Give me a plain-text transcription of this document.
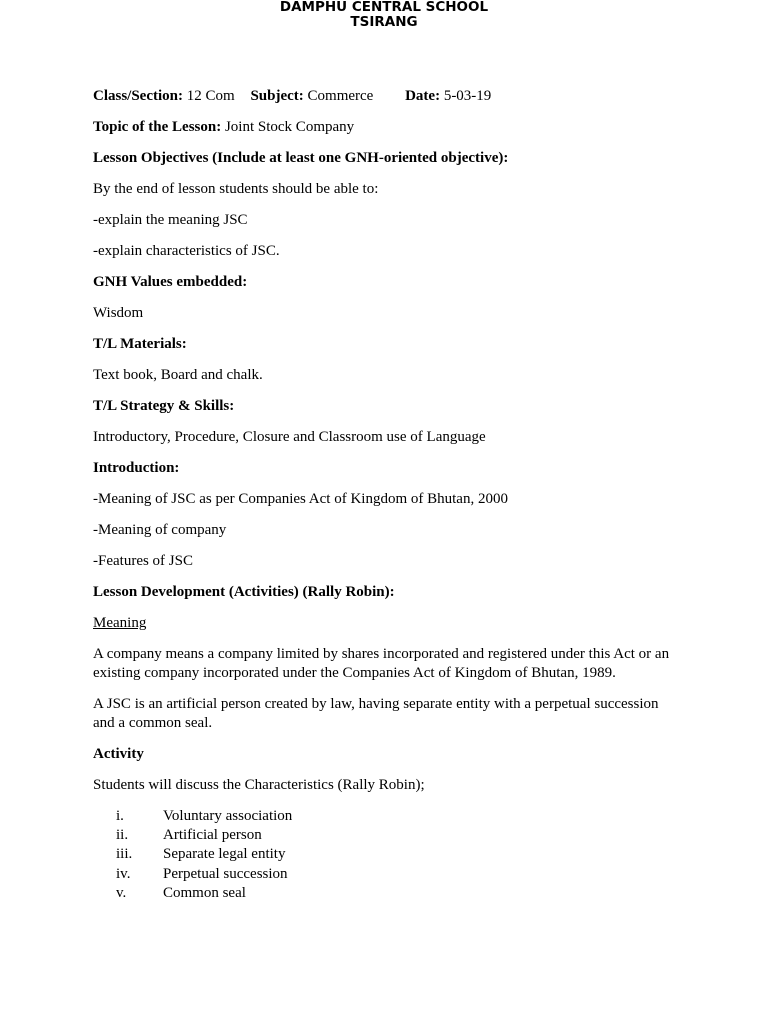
DAMPHU CENTRAL SCHOOL
TSIRANG

Class/Section: 12 Com Subject: Commerce Date: 5-03-19

Topic of the Lesson: Joint Stock Company

Lesson Objectives (Include at least one GNH-oriented objective):

By the end of lesson students should be able to:

-explain the meaning JSC

-explain characteristics of JSC.

GNH Values embedded:

Wisdom

T/L Materials:

Text book, Board and chalk.

T/L Strategy & Skills:

Introductory, Procedure, Closure and Classroom use of Language

Introduction:

-Meaning of JSC as per Companies Act of Kingdom of Bhutan, 2000

-Meaning of company

-Features of JSC

Lesson Development (Activities) (Rally Robin):

Meaning

A company means a company limited by shares incorporated and registered under this Act or an existing company incorporated under the Companies Act of Kingdom of Bhutan, 1989.

A JSC is an artificial person created by law, having separate entity with a perpetual succession and a common seal.

Activity

Students will discuss the Characteristics (Rally Robin);

i.	Voluntary association
ii. Artificial person
iii. Separate legal entity
iv. Perpetual succession
v. Common seal
